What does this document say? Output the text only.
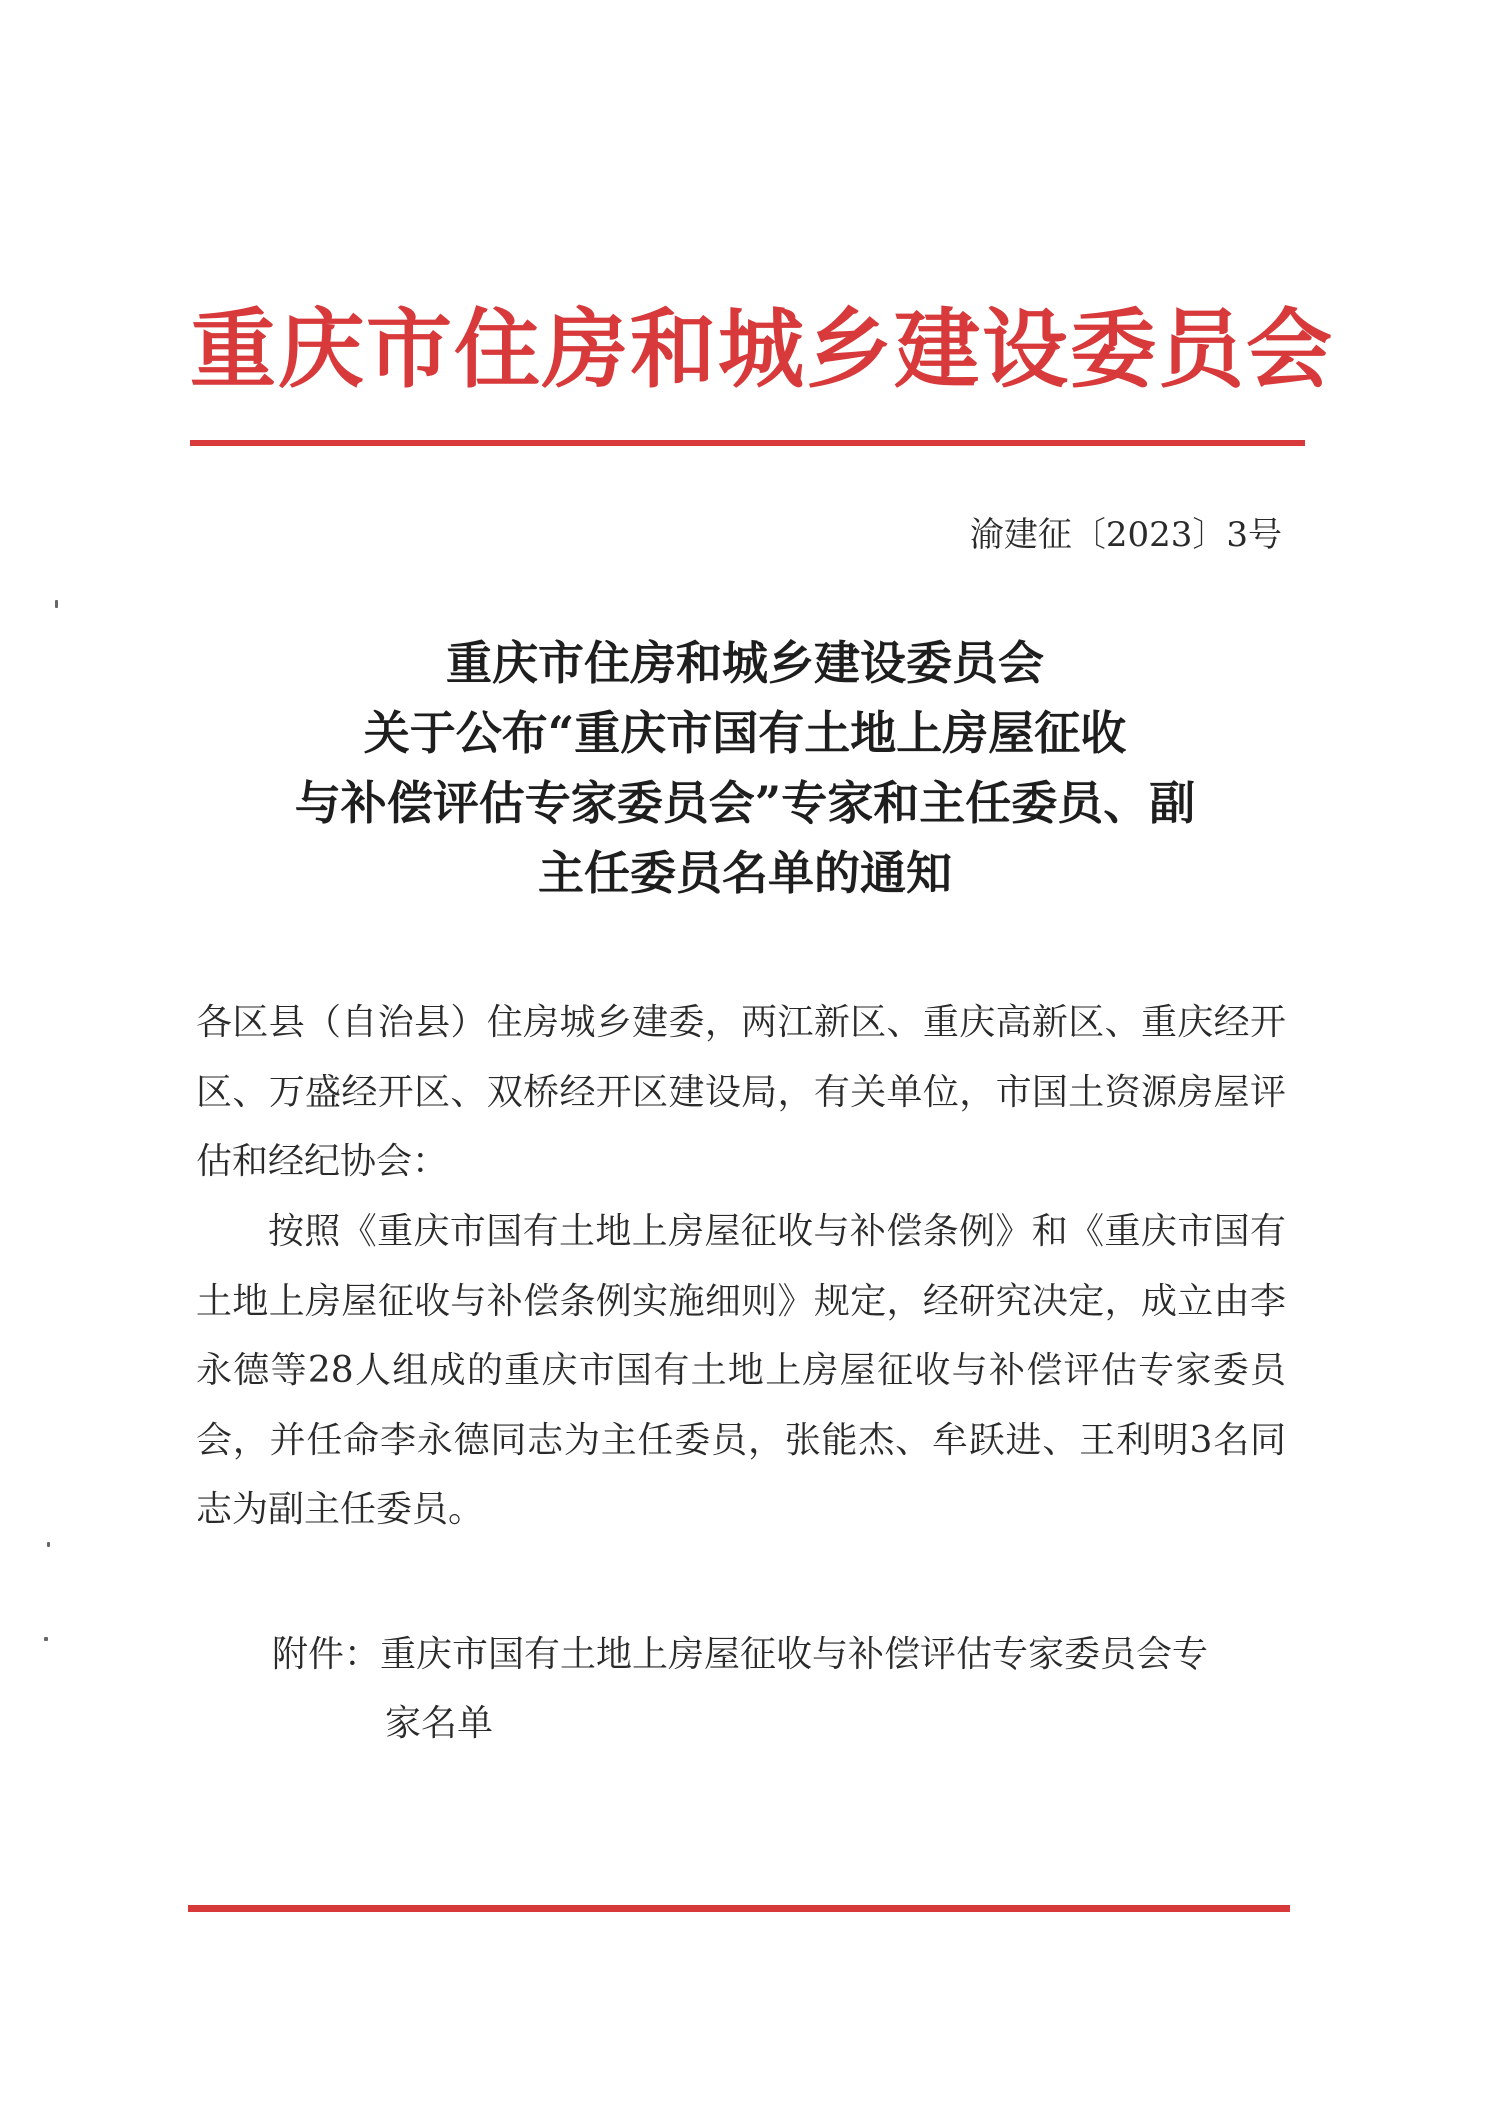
重庆市住房和城乡建设委员会
渝建征〔2023〕3号
重庆市住房和城乡建设委员会
关于公布“重庆市国有土地上房屋征收
与补偿评估专家委员会”专家和主任委员、副
主任委员名单的通知
各区县（自治县）住房城乡建委，两江新区、重庆高新区、重庆经开区、万盛经开区、双桥经开区建设局，有关单位，市国土资源房屋评估和经纪协会：
按照《重庆市国有土地上房屋征收与补偿条例》和《重庆市国有土地上房屋征收与补偿条例实施细则》规定，经研究决定，成立由李永德等28人组成的重庆市国有土地上房屋征收与补偿评估专家委员会，并任命李永德同志为主任委员，张能杰、牟跃进、王利明3名同志为副主任委员。
附件：重庆市国有土地上房屋征收与补偿评估专家委员会专
家名单
